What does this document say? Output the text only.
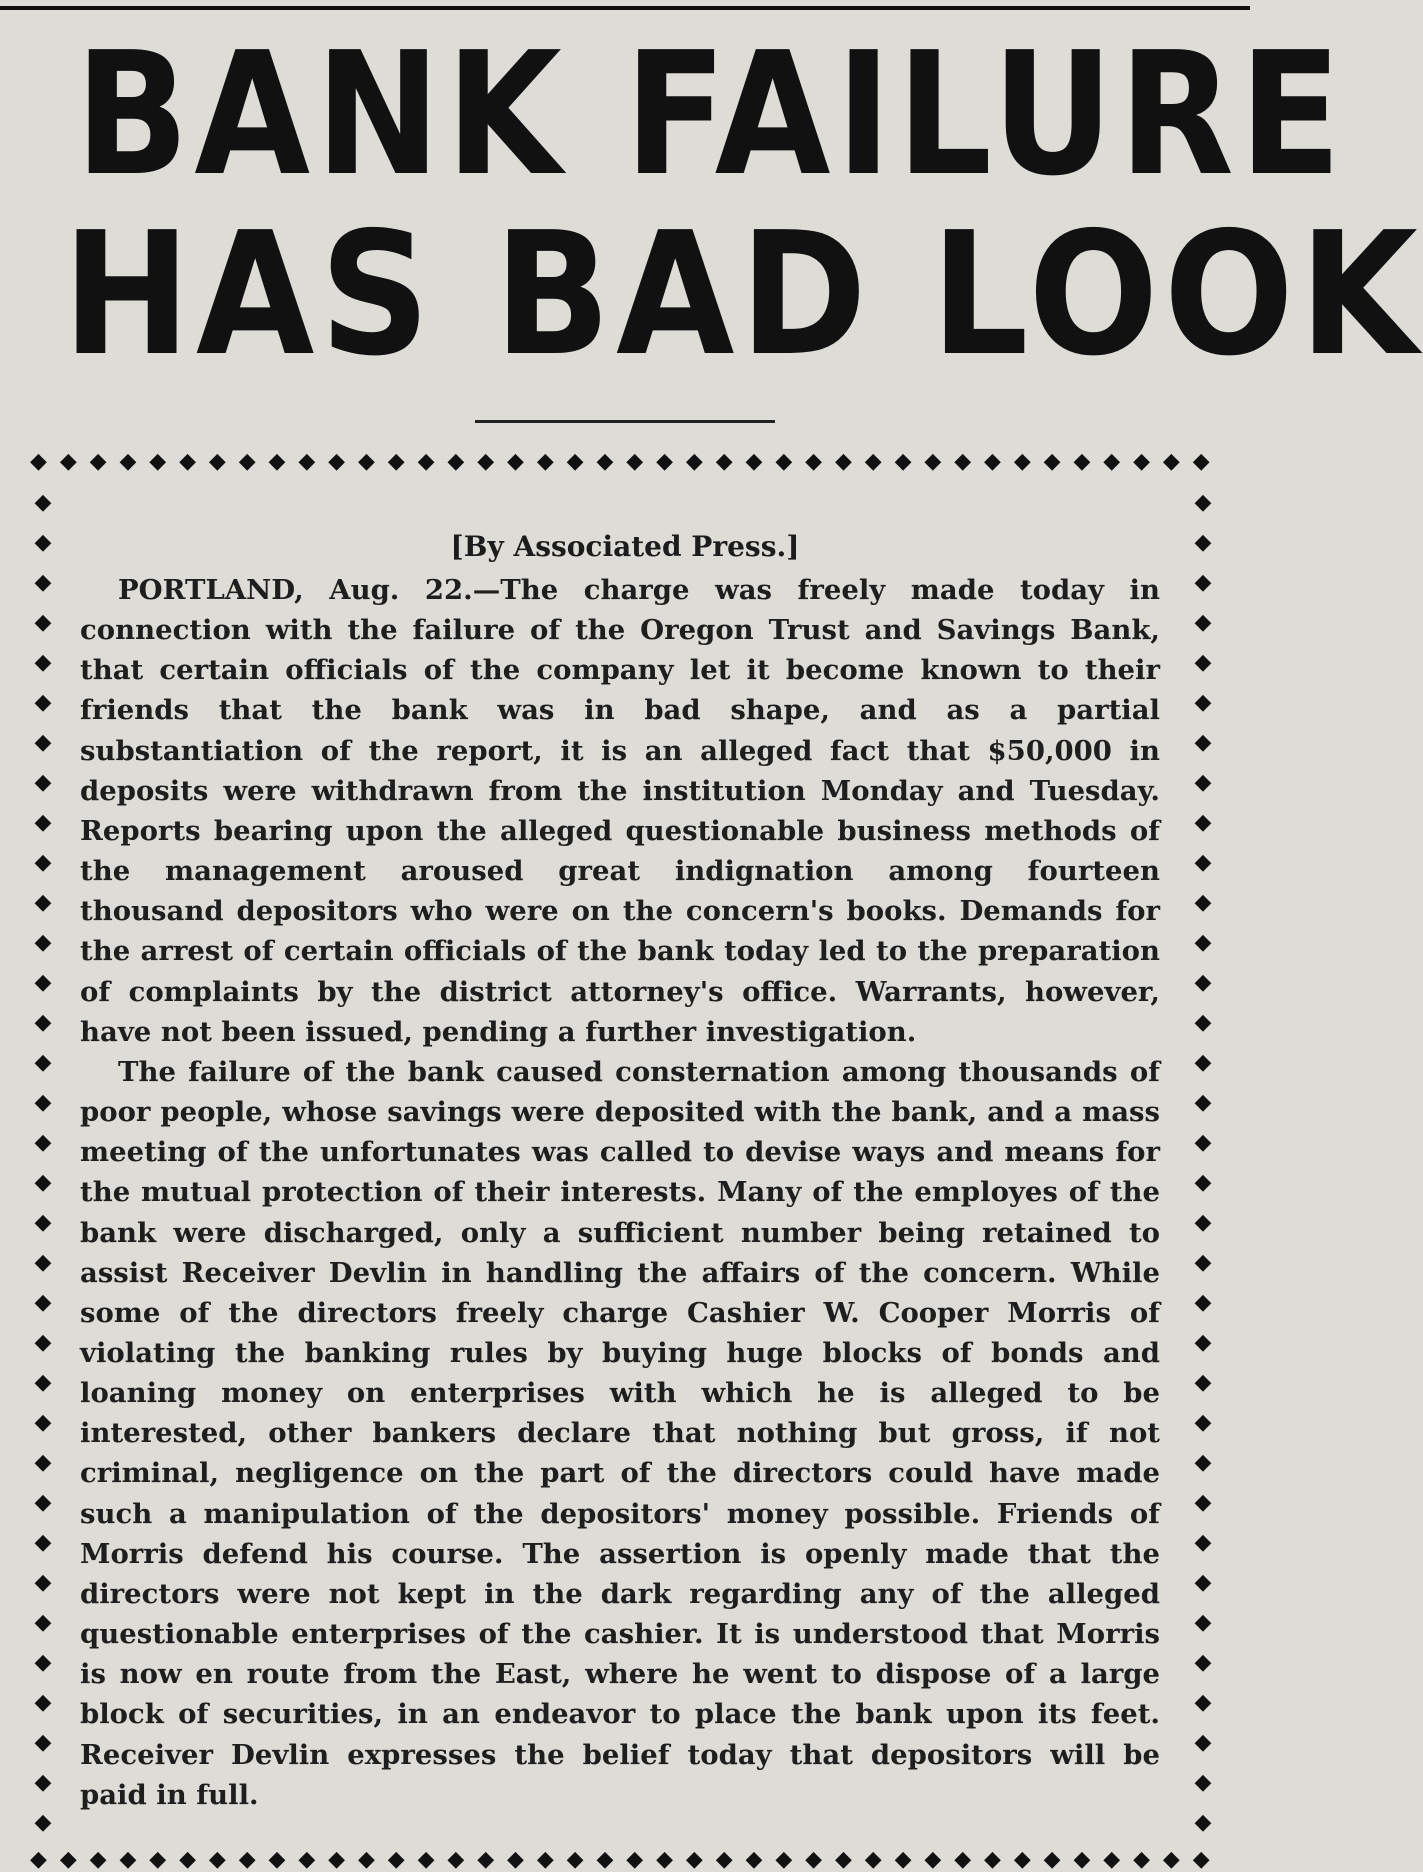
BANK FAILURE
HAS BAD LOOK
◆ ◆ ◆ ◆ ◆ ◆ ◆ ◆ ◆ ◆ ◆ ◆ ◆ ◆ ◆ ◆ ◆ ◆ ◆ ◆ ◆ ◆ ◆ ◆ ◆ ◆ ◆ ◆ ◆ ◆ ◆ ◆ ◆ ◆ ◆ ◆ ◆ ◆ ◆ ◆
◆
◆
◆
◆
◆
◆
◆
◆
◆
◆
◆
◆
◆
◆
◆
◆
◆
◆
◆
◆
◆
◆
◆
◆
◆
◆
◆
◆
◆
◆
◆
◆
◆
◆
◆
◆
◆
◆
◆
◆
◆
◆
◆
◆
◆
◆
◆
◆
◆
◆
◆
◆
◆
◆
◆
◆
◆
◆
◆
◆
◆
◆
◆
◆
◆
◆
◆
◆
◆ ◆ ◆ ◆ ◆ ◆ ◆ ◆ ◆ ◆ ◆ ◆ ◆ ◆ ◆ ◆ ◆ ◆ ◆ ◆ ◆ ◆ ◆ ◆ ◆ ◆ ◆ ◆ ◆ ◆ ◆ ◆ ◆ ◆ ◆ ◆ ◆ ◆ ◆ ◆
[By Associated Press.]

PORTLAND, Aug. 22.—The charge was freely made today in connection with the failure of the Oregon Trust and Savings Bank, that certain officials of the company let it become known to their friends that the bank was in bad shape, and as a partial substantiation of the report, it is an alleged fact that $50,000 in deposits were withdrawn from the institution Monday and Tuesday. Reports bearing upon the alleged questionable business methods of the management aroused great indignation among fourteen thousand depositors who were on the concern's books. Demands for the arrest of certain officials of the bank today led to the preparation of complaints by the district attorney's office. Warrants, however, have not been issued, pending a further investigation.

The failure of the bank caused consternation among thousands of poor people, whose savings were deposited with the bank, and a mass meeting of the unfortunates was called to devise ways and means for the mutual protection of their interests. Many of the employes of the bank were discharged, only a sufficient number being retained to assist Receiver Devlin in handling the affairs of the concern. While some of the directors freely charge Cashier W. Cooper Morris of violating the banking rules by buying huge blocks of bonds and loaning money on enterprises with which he is alleged to be interested, other bankers declare that nothing but gross, if not criminal, negligence on the part of the directors could have made such a manipulation of the depositors' money possible. Friends of Morris defend his course. The assertion is openly made that the directors were not kept in the dark regarding any of the alleged questionable enterprises of the cashier. It is understood that Morris is now en route from the East, where he went to dispose of a large block of securities, in an endeavor to place the bank upon its feet. Receiver Devlin expresses the belief today that depositors will be paid in full.
